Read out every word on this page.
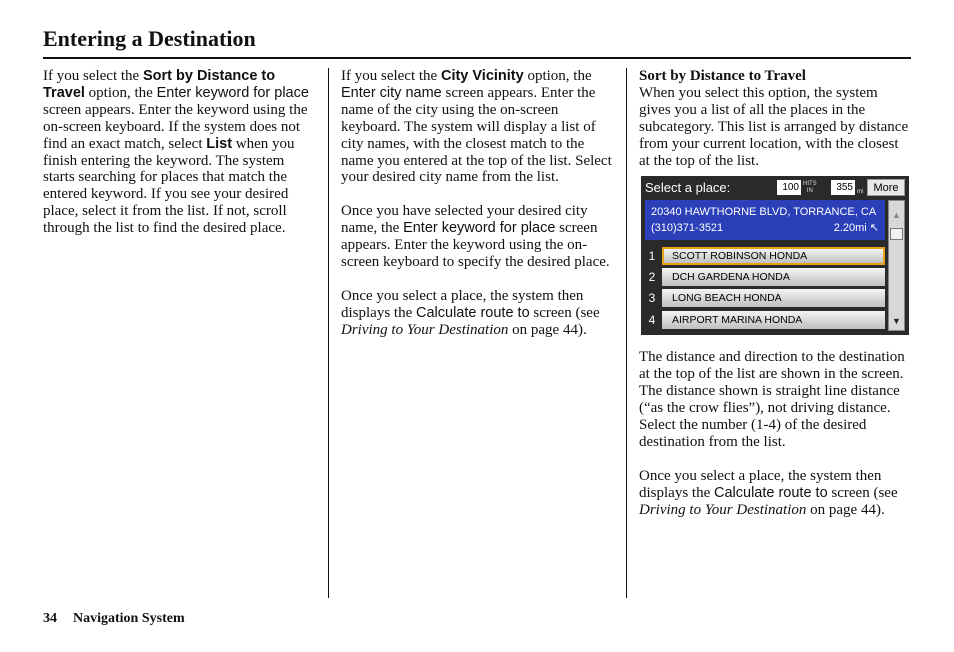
Entering a Destination

If you select the Sort by Distance to Travel option, the Enter keyword for place screen appears. Enter the keyword using the on-screen keyboard. If the system does not find an exact match, select List when you finish entering the keyword. The system starts searching for places that match the entered keyword. If you see your desired place, select it from the list. If not, scroll through the list to find the desired place.

If you select the City Vicinity option, the Enter city name screen appears. Enter the name of the city using the on-screen keyboard. The system will display a list of city names, with the closest match to the name you entered at the top of the list. Select your desired city name from the list.

Once you have selected your desired city name, the Enter keyword for place screen appears. Enter the keyword using the on-screen keyboard to specify the desired place.

Once you select a place, the system then displays the Calculate route to screen (see Driving to Your Destination on page 44).

Sort by Distance to Travel
When you select this option, the system gives you a list of all the places in the subcategory. This list is arranged by distance from your current location, with the closest at the top of the list.

Select a place:	100 HITS
IN	355 mi More
20340 HAWTHORNE BLVD, TORRANCE, CA
(310)371-3521	2.20mi ↖
1	SCOTT ROBINSON HONDA
2	DCH GARDENA HONDA
3	LONG BEACH HONDA
4	AIRPORT MARINA HONDA
▲
▼

The distance and direction to the destination at the top of the list are shown in the screen. The distance shown is straight line distance (“as the crow flies”), not driving distance. Select the number (1-4) of the desired destination from the list.

Once you select a place, the system then displays the Calculate route to screen (see Driving to Your Destination on page 44).

34 Navigation System
